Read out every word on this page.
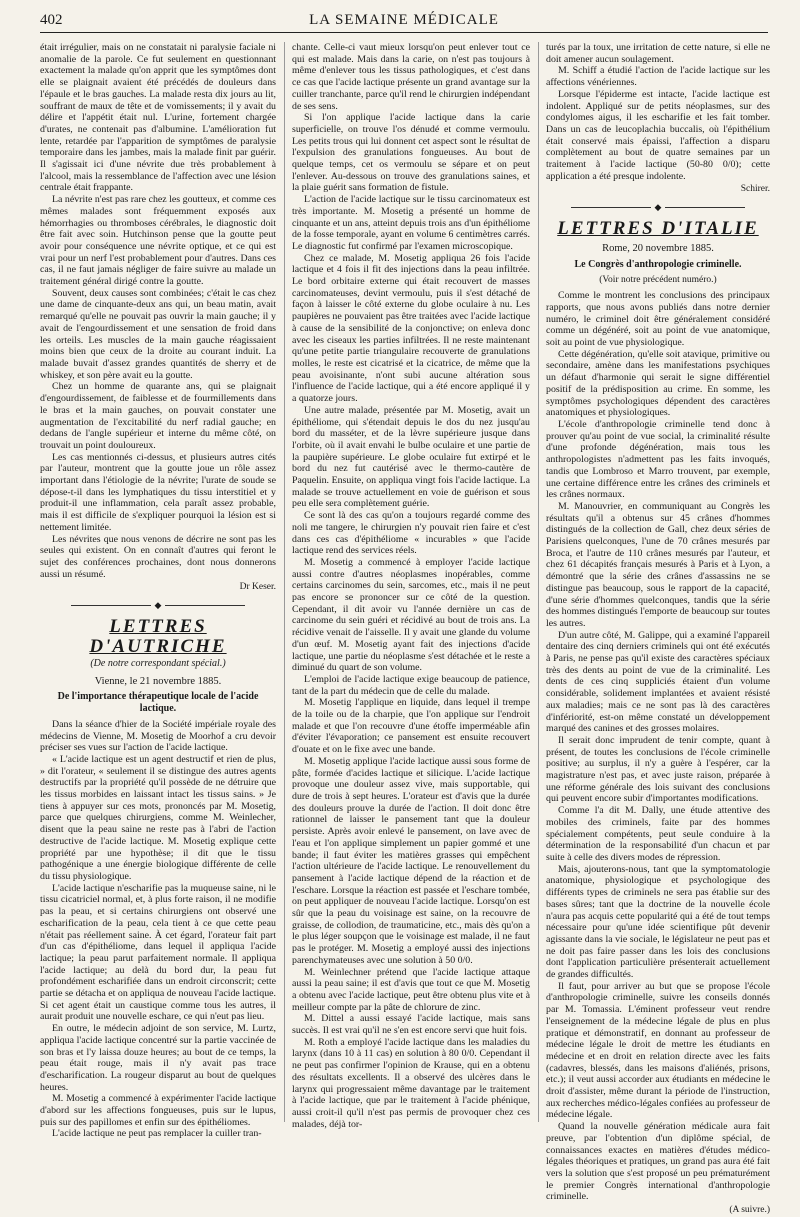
402	LA SEMAINE MÉDICALE

était irrégulier, mais on ne constatait ni paralysie faciale ni anomalie de la parole. Ce fut seulement en questionnant exactement la malade qu'on apprit que les symptômes dont elle se plaignait avaient été précédés de douleurs dans l'épaule et le bras gauches. La malade resta dix jours au lit, souffrant de maux de tête et de vomissements; il y avait du délire et l'appétit était nul. L'urine, fortement chargée d'urates, ne contenait pas d'albumine. L'amélioration fut lente, retardée par l'apparition de symptômes de paralysie temporaire dans les jambes, mais la malade finit par guérir. Il s'agissait ici d'une névrite due très probablement à l'alcool, mais la ressemblance de l'affection avec une lésion centrale était frappante.

La névrite n'est pas rare chez les goutteux, et comme ces mêmes malades sont fréquemment exposés aux hémorrhagies ou thromboses cérébrales, le diagnostic doit être fait avec soin. Hutchinson pense que la goutte peut avoir pour conséquence une névrite optique, et ce qui est vrai pour un nerf l'est probablement pour d'autres. Dans ces cas, il ne faut jamais négliger de faire suivre au malade un traitement général dirigé contre la goutte.

Souvent, deux causes sont combinées; c'était le cas chez une dame de cinquante-deux ans qui, un beau matin, avait remarqué qu'elle ne pouvait pas ouvrir la main gauche; il y avait de l'engourdissement et une sensation de froid dans les orteils. Les muscles de la main gauche réagissaient moins bien que ceux de la droite au courant induit. La malade buvait d'assez grandes quantités de sherry et de whiskey, et son père avait eu la goutte.

Chez un homme de quarante ans, qui se plaignait d'engourdissement, de faiblesse et de fourmillements dans le bras et la main gauches, on pouvait constater une augmentation de l'excitabilité du nerf radial gauche; en dedans de l'angle supérieur et interne du même côté, on trouvait un point douloureux.

Les cas mentionnés ci-dessus, et plusieurs autres cités par l'auteur, montrent que la goutte joue un rôle assez important dans l'étiologie de la névrite; l'urate de soude se dépose-t-il dans les lymphatiques du tissu interstitiel et y produit-il une inflammation, cela paraît assez probable, mais il est difficile de s'expliquer pourquoi la lésion est si nettement limitée.

Les névrites que nous venons de décrire ne sont pas les seules qui existent. On en connaît d'autres qui feront le sujet des conférences prochaines, dont nous donnerons aussi un résumé.

Dr Keser.
◆
LETTRES D'AUTRICHE
(De notre correspondant spécial.)
Vienne, le 21 novembre 1885.
De l'importance thérapeutique locale de l'acide lactique.

Dans la séance d'hier de la Société impériale royale des médecins de Vienne, M. Mosetig de Moorhof a cru devoir préciser ses vues sur l'action de l'acide lactique.

« L'acide lactique est un agent destructif et rien de plus, » dit l'orateur, « seulement il se distingue des autres agents destructifs par la propriété qu'il possède de ne détruire que les tissus morbides en laissant intact les tissus sains. » Je tiens à appuyer sur ces mots, prononcés par M. Mosetig, parce que quelques chirurgiens, comme M. Weinlecher, disent que la peau saine ne reste pas à l'abri de l'action destructive de l'acide lactique. M. Mosetig explique cette propriété par une hypothèse; il dit que le tissu pathogénique a une énergie biologique différente de celle du tissu physiologique.

L'acide lactique n'escharifie pas la muqueuse saine, ni le tissu cicatriciel normal, et, à plus forte raison, il ne modifie pas la peau, et si certains chirurgiens ont observé une escharification de la peau, cela tient à ce que cette peau n'était pas réellement saine. À cet égard, l'orateur fait part d'un cas d'épithéliome, dans lequel il appliqua l'acide lactique; la peau parut parfaitement normale. Il appliqua l'acide lactique; au delà du bord dur, la peau fut profondément escharifiée dans un endroit circonscrit; cette partie se détacha et on appliqua de nouveau l'acide lactique. Si cet agent était un caustique comme tous les autres, il aurait produit une nouvelle eschare, ce qui n'eut pas lieu.

En outre, le médecin adjoint de son service, M. Lurtz, appliqua l'acide lactique concentré sur la partie vaccinée de son bras et l'y laissa douze heures; au bout de ce temps, la peau était rouge, mais il n'y avait pas trace d'escharification. La rougeur disparut au bout de quelques heures.

M. Mosetig a commencé à expérimenter l'acide lactique d'abord sur les affections fongueuses, puis sur le lupus, puis sur des papillomes et enfin sur des épithéliomes.

L'acide lactique ne peut pas remplacer la cuiller tran-

chante. Celle-ci vaut mieux lorsqu'on peut enlever tout ce qui est malade. Mais dans la carie, on n'est pas toujours à même d'enlever tous les tissus pathologiques, et c'est dans ce cas que l'acide lactique présente un grand avantage sur la cuiller tranchante, parce qu'il rend le chirurgien indépendant de ses sens.

Si l'on applique l'acide lactique dans la carie superficielle, on trouve l'os dénudé et comme vermoulu. Les petits trous qui lui donnent cet aspect sont le résultat de l'expulsion des granulations fongueuses. Au bout de quelque temps, cet os vermoulu se sépare et on peut l'enlever. Au-dessous on trouve des granulations saines, et la plaie guérit sans formation de fistule.

L'action de l'acide lactique sur le tissu carcinomateux est très importante. M. Mosetig a présenté un homme de cinquante et un ans, atteint depuis trois ans d'un épithéliome de la fosse temporale, ayant en volume 6 centimètres carrés. Le diagnostic fut confirmé par l'examen microscopique.

Chez ce malade, M. Mosetig appliqua 26 fois l'acide lactique et 4 fois il fit des injections dans la peau infiltrée. Le bord orbitaire externe qui était recouvert de masses carcinomateuses, devint vermoulu, puis il s'est détaché de façon à laisser le côté externe du globe oculaire à nu. Les paupières ne pouvaient pas être traitées avec l'acide lactique à cause de la sensibilité de la conjonctive; on enleva donc avec les ciseaux les parties infiltrées. Il ne reste maintenant qu'une petite partie triangulaire recouverte de granulations molles, le reste est cicatrisé et la cicatrice, de même que la peau avoisinante, n'ont subi aucune altération sous l'influence de l'acide lactique, qui a été encore appliqué il y a quatorze jours.

Une autre malade, présentée par M. Mosetig, avait un épithéliome, qui s'étendait depuis le dos du nez jusqu'au bord du masséter, et de la lèvre supérieure jusque dans l'orbite, où il avait envahi le bulbe oculaire et une partie de la paupière supérieure. Le globe oculaire fut extirpé et le bord du nez fut cautérisé avec le thermo-cautère de Paquelin. Ensuite, on appliqua vingt fois l'acide lactique. La malade se trouve actuellement en voie de guérison et sous peu elle sera complètement guérie.

Ce sont là des cas qu'on a toujours regardé comme des noli me tangere, le chirurgien n'y pouvait rien faire et c'est dans ces cas d'épithéliome « incurables » que l'acide lactique rend des services réels.

M. Mosetig a commencé à employer l'acide lactique aussi contre d'autres néoplasmes inopérables, comme certains carcinomes du sein, sarcomes, etc., mais il ne peut pas encore se prononcer sur ce côté de la question. Cependant, il dit avoir vu l'année dernière un cas de carcinome du sein guéri et récidivé au bout de trois ans. La récidive venait de l'aisselle. Il y avait une glande du volume d'un œuf. M. Mosetig ayant fait des injections d'acide lactique, une partie du néoplasme s'est détachée et le reste a diminué du quart de son volume.

L'emploi de l'acide lactique exige beaucoup de patience, tant de la part du médecin que de celle du malade.

M. Mosetig l'applique en liquide, dans lequel il trempe de la toile ou de la charpie, que l'on applique sur l'endroit malade et que l'on recouvre d'une étoffe imperméable afin d'éviter l'évaporation; ce pansement est ensuite recouvert d'ouate et on le fixe avec une bande.

M. Mosetig applique l'acide lactique aussi sous forme de pâte, formée d'acides lactique et silicique. L'acide lactique provoque une douleur assez vive, mais supportable, qui dure de trois à sept heures. L'orateur est d'avis que la durée des douleurs prouve la durée de l'action. Il doit donc être rationnel de laisser le pansement tant que la douleur persiste. Après avoir enlevé le pansement, on lave avec de l'eau et l'on applique simplement un papier gommé et une bande; il faut éviter les matières grasses qui empêchent l'action ultérieure de l'acide lactique. Le renouvellement du pansement à l'acide lactique dépend de la réaction et de l'eschare. Lorsque la réaction est passée et l'eschare tombée, on peut appliquer de nouveau l'acide lactique. Lorsqu'on est sûr que la peau du voisinage est saine, on la recouvre de graisse, de collodion, de traumaticine, etc., mais dès qu'on a le plus léger soupçon que le voisinage est malade, il ne faut pas le protéger. M. Mosetig a employé aussi des injections parenchymateuses avec une solution à 50 0/0.

M. Weinlechner prétend que l'acide lactique attaque aussi la peau saine; il est d'avis que tout ce que M. Mosetig a obtenu avec l'acide lactique, peut être obtenu plus vite et à meilleur compte par la pâte de chlorure de zinc.

M. Dittel a aussi essayé l'acide lactique, mais sans succès. Il est vrai qu'il ne s'en est encore servi que huit fois.

M. Roth a employé l'acide lactique dans les maladies du larynx (dans 10 à 11 cas) en solution à 80 0/0. Cependant il ne peut pas confirmer l'opinion de Krause, qui en a obtenu des résultats excellents. Il a observé des ulcères dans le larynx qui progressaient même davantage par le traitement à l'acide lactique, que par le traitement à l'acide phénique, aussi croit-il qu'il n'est pas permis de provoquer chez ces malades, déjà tor-

turés par la toux, une irritation de cette nature, si elle ne doit amener aucun soulagement.

M. Schiff a étudié l'action de l'acide lactique sur les affections vénériennes.

Lorsque l'épiderme est intacte, l'acide lactique est indolent. Appliqué sur de petits néoplasmes, sur des condylomes aigus, il les escharifie et les fait tomber. Dans un cas de leucoplachia buccalis, où l'épithélium était conservé mais épaissi, l'affection a disparu complètement au bout de quatre semaines par un traitement à l'acide lactique (50-80 0/0); cette application a été presque indolente.

Schirer.
◆
LETTRES D'ITALIE
Rome, 20 novembre 1885.
Le Congrès d'anthropologie criminelle.
(Voir notre précédent numéro.)

Comme le montrent les conclusions des principaux rapports, que nous avons publiés dans notre dernier numéro, le criminel doit être généralement considéré comme un dégénéré, soit au point de vue anatomique, soit au point de vue physiologique.

Cette dégénération, qu'elle soit atavique, primitive ou secondaire, amène dans les manifestations psychiques un défaut d'harmonie qui serait le signe différentiel positif de la prédisposition au crime. En somme, les symptômes psychologiques dépendent des caractères anatomiques et physiologiques.

L'école d'anthropologie criminelle tend donc à prouver qu'au point de vue social, la criminalité résulte d'une profonde dégénération, mais tous les anthropologistes n'admettent pas les faits invoqués, tandis que Lombroso et Marro trouvent, par exemple, une certaine différence entre les crânes des criminels et les crânes normaux.

M. Manouvrier, en communiquant au Congrès les résultats qu'il a obtenus sur 45 crânes d'hommes distingués de la collection de Gall, chez deux séries de Parisiens quelconques, l'une de 70 crânes mesurés par Broca, et l'autre de 110 crânes mesurés par l'auteur, et chez 61 décapités français mesurés à Paris et à Lyon, a démontré que la série des crânes d'assassins ne se distingue pas beaucoup, sous le rapport de la capacité, d'une série d'hommes quelconques, tandis que la série des hommes distingués l'emporte de beaucoup sur toutes les autres.

D'un autre côté, M. Galippe, qui a examiné l'appareil dentaire des cinq derniers criminels qui ont été exécutés à Paris, ne pense pas qu'il existe des caractères spéciaux très des dents au point de vue de la criminalité. Les dents de ces cinq suppliciés étaient d'un volume considérable, solidement implantées et avaient résisté aux maladies; mais ce ne sont pas là des caractères d'infériorité, est-on même constaté un développement marqué des canines et des grosses molaires.

Il serait donc imprudent de tenir compte, quant à présent, de toutes les conclusions de l'école criminelle positive; au surplus, il n'y a guère à l'espérer, car la magistrature n'est pas, et avec juste raison, préparée à une réforme générale des lois suivant des conclusions qui peuvent encore subir d'importantes modifications.

Comme l'a dit M. Dally, une étude attentive des mobiles des criminels, faite par des hommes spécialement compétents, peut seule conduire à la détermination de la responsabilité d'un chacun et par suite à celle des divers modes de répression.

Mais, ajouterons-nous, tant que la symptomatologie anatomique, physiologique et psychologique des différents types de criminels ne sera pas établie sur des bases sûres; tant que la doctrine de la nouvelle école n'aura pas acquis cette popularité qui a été de tout temps nécessaire pour qu'une idée scientifique pût devenir agissante dans la vie sociale, le législateur ne peut pas et ne doit pas faire passer dans les lois des conclusions dont l'application particulière présenterait actuellement de grandes difficultés.

Il faut, pour arriver au but que se propose l'école d'anthropologie criminelle, suivre les conseils donnés par M. Tomassia. L'éminent professeur veut rendre l'enseignement de la médecine légale de plus en plus pratique et démonstratif, en donnant au professeur de médecine légale le droit de mettre les étudiants en médecine et en droit en relation directe avec les faits (cadavres, blessés, dans les maisons d'aliénés, prisons, etc.); il veut aussi accorder aux étudiants en médecine le droit d'assister, même durant la période de l'instruction, aux recherches médico-légales confiées au professeur de médecine légale.

Quand la nouvelle génération médicale aura fait preuve, par l'obtention d'un diplôme spécial, de connaissances exactes en matières d'études médico-légales théoriques et pratiques, un grand pas aura été fait vers la solution que s'est proposé un peu prématurément le premier Congrès international d'anthropologie criminelle.

(A suivre.)
